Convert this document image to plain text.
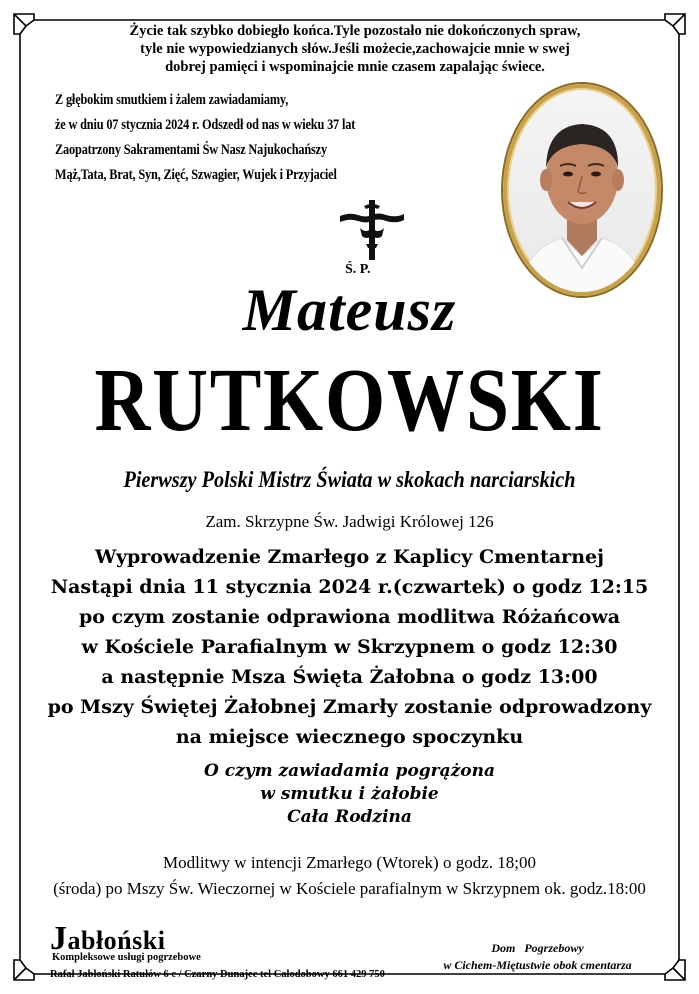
Życie tak szybko dobiegło końca.Tyle pozostało nie dokończonych spraw,
tyle nie wypowiedzianych słów.Jeśli możecie,zachowajcie mnie w swej
dobrej pamięci i wspominajcie mnie czasem zapalając świece.
Z głębokim smutkiem i żalem zawiadamiamy,
że w dniu 07 stycznia 2024 r. Odszedł od nas w wieku 37 lat
Zaopatrzony Sakramentami Św Nasz Najukochańszy
Mąż,Tata, Brat, Syn, Zięć, Szwagier, Wujek i Przyjaciel
Ś. P.
Mateusz
RUTKOWSKI
Pierwszy Polski Mistrz Świata w skokach narciarskich
Zam. Skrzypne Św. Jadwigi Królowej 126
Wyprowadzenie Zmarłego z Kaplicy Cmentarnej
Nastąpi dnia 11 stycznia 2024 r.(czwartek) o godz 12:15
po czym zostanie odprawiona modlitwa Różańcowa
w Kościele Parafialnym w Skrzypnem o godz 12:30
a następnie Msza Święta Żałobna o godz 13:00
po Mszy Świętej Żałobnej Zmarły zostanie odprowadzony
na miejsce wiecznego spoczynku
O czym zawiadamia pogrążona
w smutku i żałobie
Cała Rodzina
Modlitwy w intencji Zmarłego (Wtorek) o godz. 18;00
(środa) po Mszy Św. Wieczornej w Kościele parafialnym w Skrzypnem ok. godz.18:00
Jabłoński
Kompleksowe usługi pogrzebowe
Rafał Jabłoński Ratułów 6 c / Czarny Dunajec tel Całodobowy 661 429 750
Dom   Pogrzebowy
w Cichem-Miętustwie obok cmentarza
